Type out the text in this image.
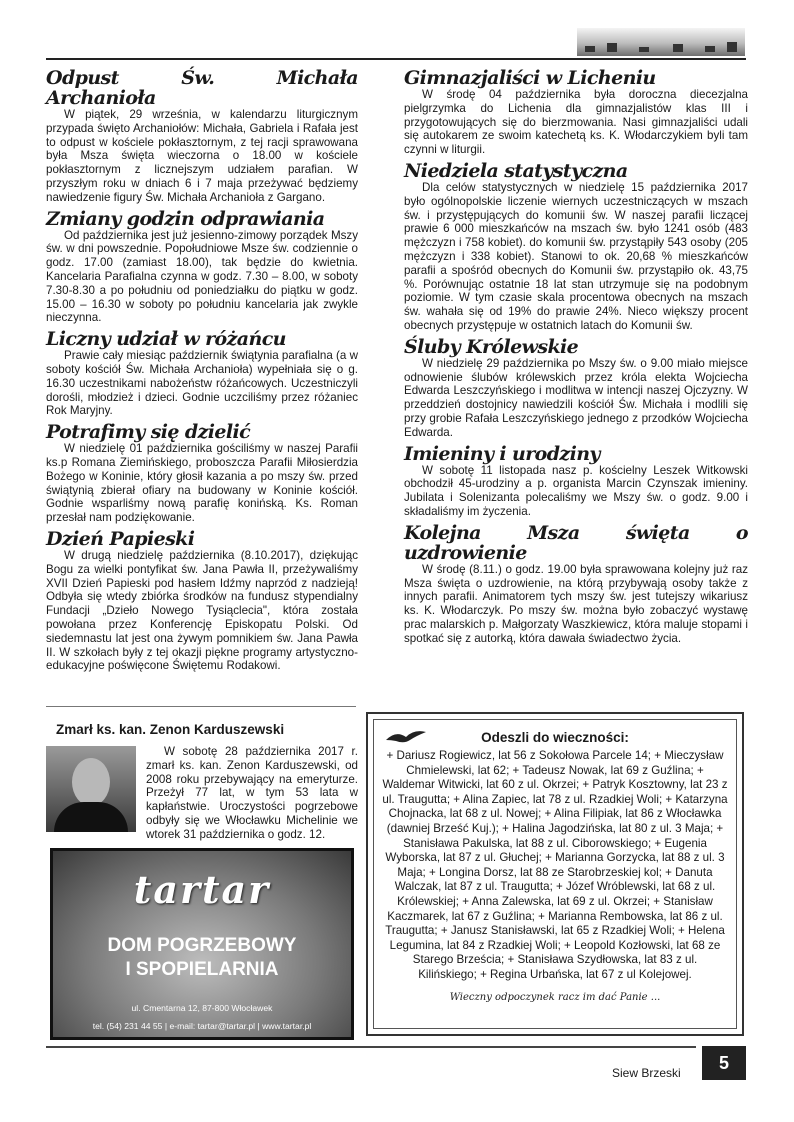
Odpust Św. Michała Archanioła

W piątek, 29 września, w kalendarzu liturgicznym przypada święto Archaniołów: Michała, Gabriela i Rafała jest to odpust w kościele pokłasztornym, z tej racji sprawowana była Msza święta wieczorna o 18.00 w kościele pokłasztornym z licznejszym udziałem parafian. W przyszłym roku w dniach 6 i 7 maja przeżywać będziemy nawiedzenie figury Św. Michała Archanioła z Gargano.

Zmiany godzin odprawiania

Od października jest już jesienno-zimowy porządek Mszy św. w dni powszednie. Popołudniowe Msze św. codziennie o godz. 17.00 (zamiast 18.00), tak będzie do kwietnia. Kancelaria Parafialna czynna w godz. 7.30 – 8.00, w soboty 7.30-8.30 a po południu od poniedziałku do piątku w godz. 15.00 – 16.30 w soboty po południu kancelaria jak zwykle nieczynna.

Liczny udział w różańcu

Prawie cały miesiąc październik świątynia parafialna (a w soboty kościół Św. Michała Archanioła) wypełniała się o g. 16.30 uczestnikami nabożeństw różańcowych. Uczestniczyli dorośli, młodzież i dzieci. Godnie uczciliśmy przez różaniec Rok Maryjny.

Potrafimy się dzielić

W niedzielę 01 października gościliśmy w naszej Parafii ks.p Romana Ziemińskiego, proboszcza Parafii Miłosierdzia Bożego w Koninie, który głosił kazania a po mszy św. przed świątynią zbierał ofiary na budowany w Koninie kościół. Godnie wsparliśmy nową parafię konińską. Ks. Roman przesłał nam podziękowanie.

Dzień Papieski

W drugą niedzielę października (8.10.2017), dziękując Bogu za wielki pontyfikat św. Jana Pawła II, przeżywaliśmy XVII Dzień Papieski pod hasłem Idźmy naprzód z nadzieją! Odbyła się wtedy zbiórka środków na fundusz stypendialny Fundacji „Dzieło Nowego Tysiąclecia", która została powołana przez Konferencję Episkopatu Polski. Od siedemnastu lat jest ona żywym pomnikiem św. Jana Pawła II. W szkołach były z tej okazji piękne programy artystyczno-edukacyjne poświęcone Świętemu Rodakowi.

Gimnazjaliści w Licheniu

W środę 04 października była doroczna diecezjalna pielgrzymka do Lichenia dla gimnazjalistów klas III i przygotowujących się do bierzmowania. Nasi gimnazjaliści udali się autokarem ze swoim katechetą ks. K. Włodarczykiem byli tam czynni w liturgii.

Niedziela statystyczna

Dla celów statystycznych w niedzielę 15 października 2017 było ogólnopolskie liczenie wiernych uczestniczących w mszach św. i przystępujących do komunii św. W naszej parafii liczącej prawie 6 000 mieszkańców na mszach św. było 1241 osób (483 mężczyzn i 758 kobiet). do komunii św. przystąpiły 543 osoby (205 mężczyzn i 338 kobiet). Stanowi to ok. 20,68 % mieszkańców parafii a spośród obecnych do Komunii św. przystąpiło ok. 43,75 %. Porównując ostatnie 18 lat stan utrzymuje się na podobnym poziomie. W tym czasie skala procentowa obecnych na mszach św. wahała się od 19% do prawie 24%. Nieco większy procent obecnych przystępuje w ostatnich latach do Komunii św.

Śluby Królewskie

W niedzielę 29 października po Mszy św. o 9.00 miało miejsce odnowienie ślubów królewskich przez króla elekta Wojciecha Edwarda Leszczyńskiego i modlitwa w intencji naszej Ojczyzny. W przeddzień dostojnicy nawiedzili kościół Św. Michała i modlili się przy grobie Rafała Leszczyńskiego jednego z przodków Wojciecha Edwarda.

Imieniny i urodziny

W sobotę 11 listopada nasz p. kościelny Leszek Witkowski obchodził 45-urodziny a p. organista Marcin Czynszak imieniny. Jubilata i Solenizanta polecaliśmy we Mszy św. o godz. 9.00 i składaliśmy im życzenia.

Kolejna Msza święta o uzdrowienie

W środę (8.11.) o godz. 19.00 była sprawowana kolejny już raz Msza święta o uzdrowienie, na którą przybywają osoby także z innych parafii. Animatorem tych mszy św. jest tutejszy wikariusz ks. K. Włodarczyk. Po mszy św. można było zobaczyć wystawę prac malarskich p. Małgorzaty Waszkiewicz, która maluje stopami i spotkać się z autorką, która dawała świadectwo życia.

Zmarł ks. kan. Zenon Karduszewski

W sobotę 28 października 2017 r. zmarł ks. kan. Zenon Karduszewski, od 2008 roku przebywający na emeryturze. Przeżył 77 lat, w tym 53 lata w kapłaństwie. Uroczystości pogrzebowe odbyły się we Włocławku Michelinie we wtorek 31 października o godz. 12.

tartar
DOM POGRZEBOWY
I SPOPIELARNIA
ul. Cmentarna 12, 87-800 Włocławek
tel. (54) 231 44 55 | e-mail: tartar@tartar.pl | www.tartar.pl
Odeszli do wieczności:
+ Dariusz Rogiewicz, lat 56 z Sokołowa Parcele 14; + Mieczysław Chmielewski, lat 62; + Tadeusz Nowak, lat 69 z Guźlina; + Waldemar Witwicki, lat 60 z ul. Okrzei; + Patryk Kosztowny, lat 23 z ul. Traugutta; + Alina Zapiec, lat 78 z ul. Rzadkiej Woli; + Katarzyna Chojnacka, lat 68 z ul. Nowej; + Alina Filipiak, lat 86 z Włocławka (dawniej Brześć Kuj.); + Halina Jagodzińska, lat 80 z ul. 3 Maja; + Stanisława Pakulska, lat 88 z ul. Ciborowskiego; + Eugenia Wyborska, lat 87 z ul. Głuchej; + Marianna Gorzycka, lat 88 z ul. 3 Maja; + Longina Dorsz, lat 88 ze Starobrzeskiej kol; + Danuta Walczak, lat 87 z ul. Traugutta; + Józef Wróblewski, lat 68 z ul. Królewskiej; + Anna Zalewska, lat 69 z ul. Okrzei; + Stanisław Kaczmarek, lat 67 z Guźlina; + Marianna Rembowska, lat 86 z ul. Traugutta; + Janusz Stanisławski, lat 65 z Rzadkiej Woli; + Helena Legumina, lat 84 z Rzadkiej Woli; + Leopold Kozłowski, lat 68 ze Starego Brześcia; + Stanisława Szydłowska, lat 83 z ul. Kilińskiego; + Regina Urbańska, lat 67 z ul Kolejowej.
Wieczny odpoczynek racz im dać Panie ...
Siew Brzeski	5
